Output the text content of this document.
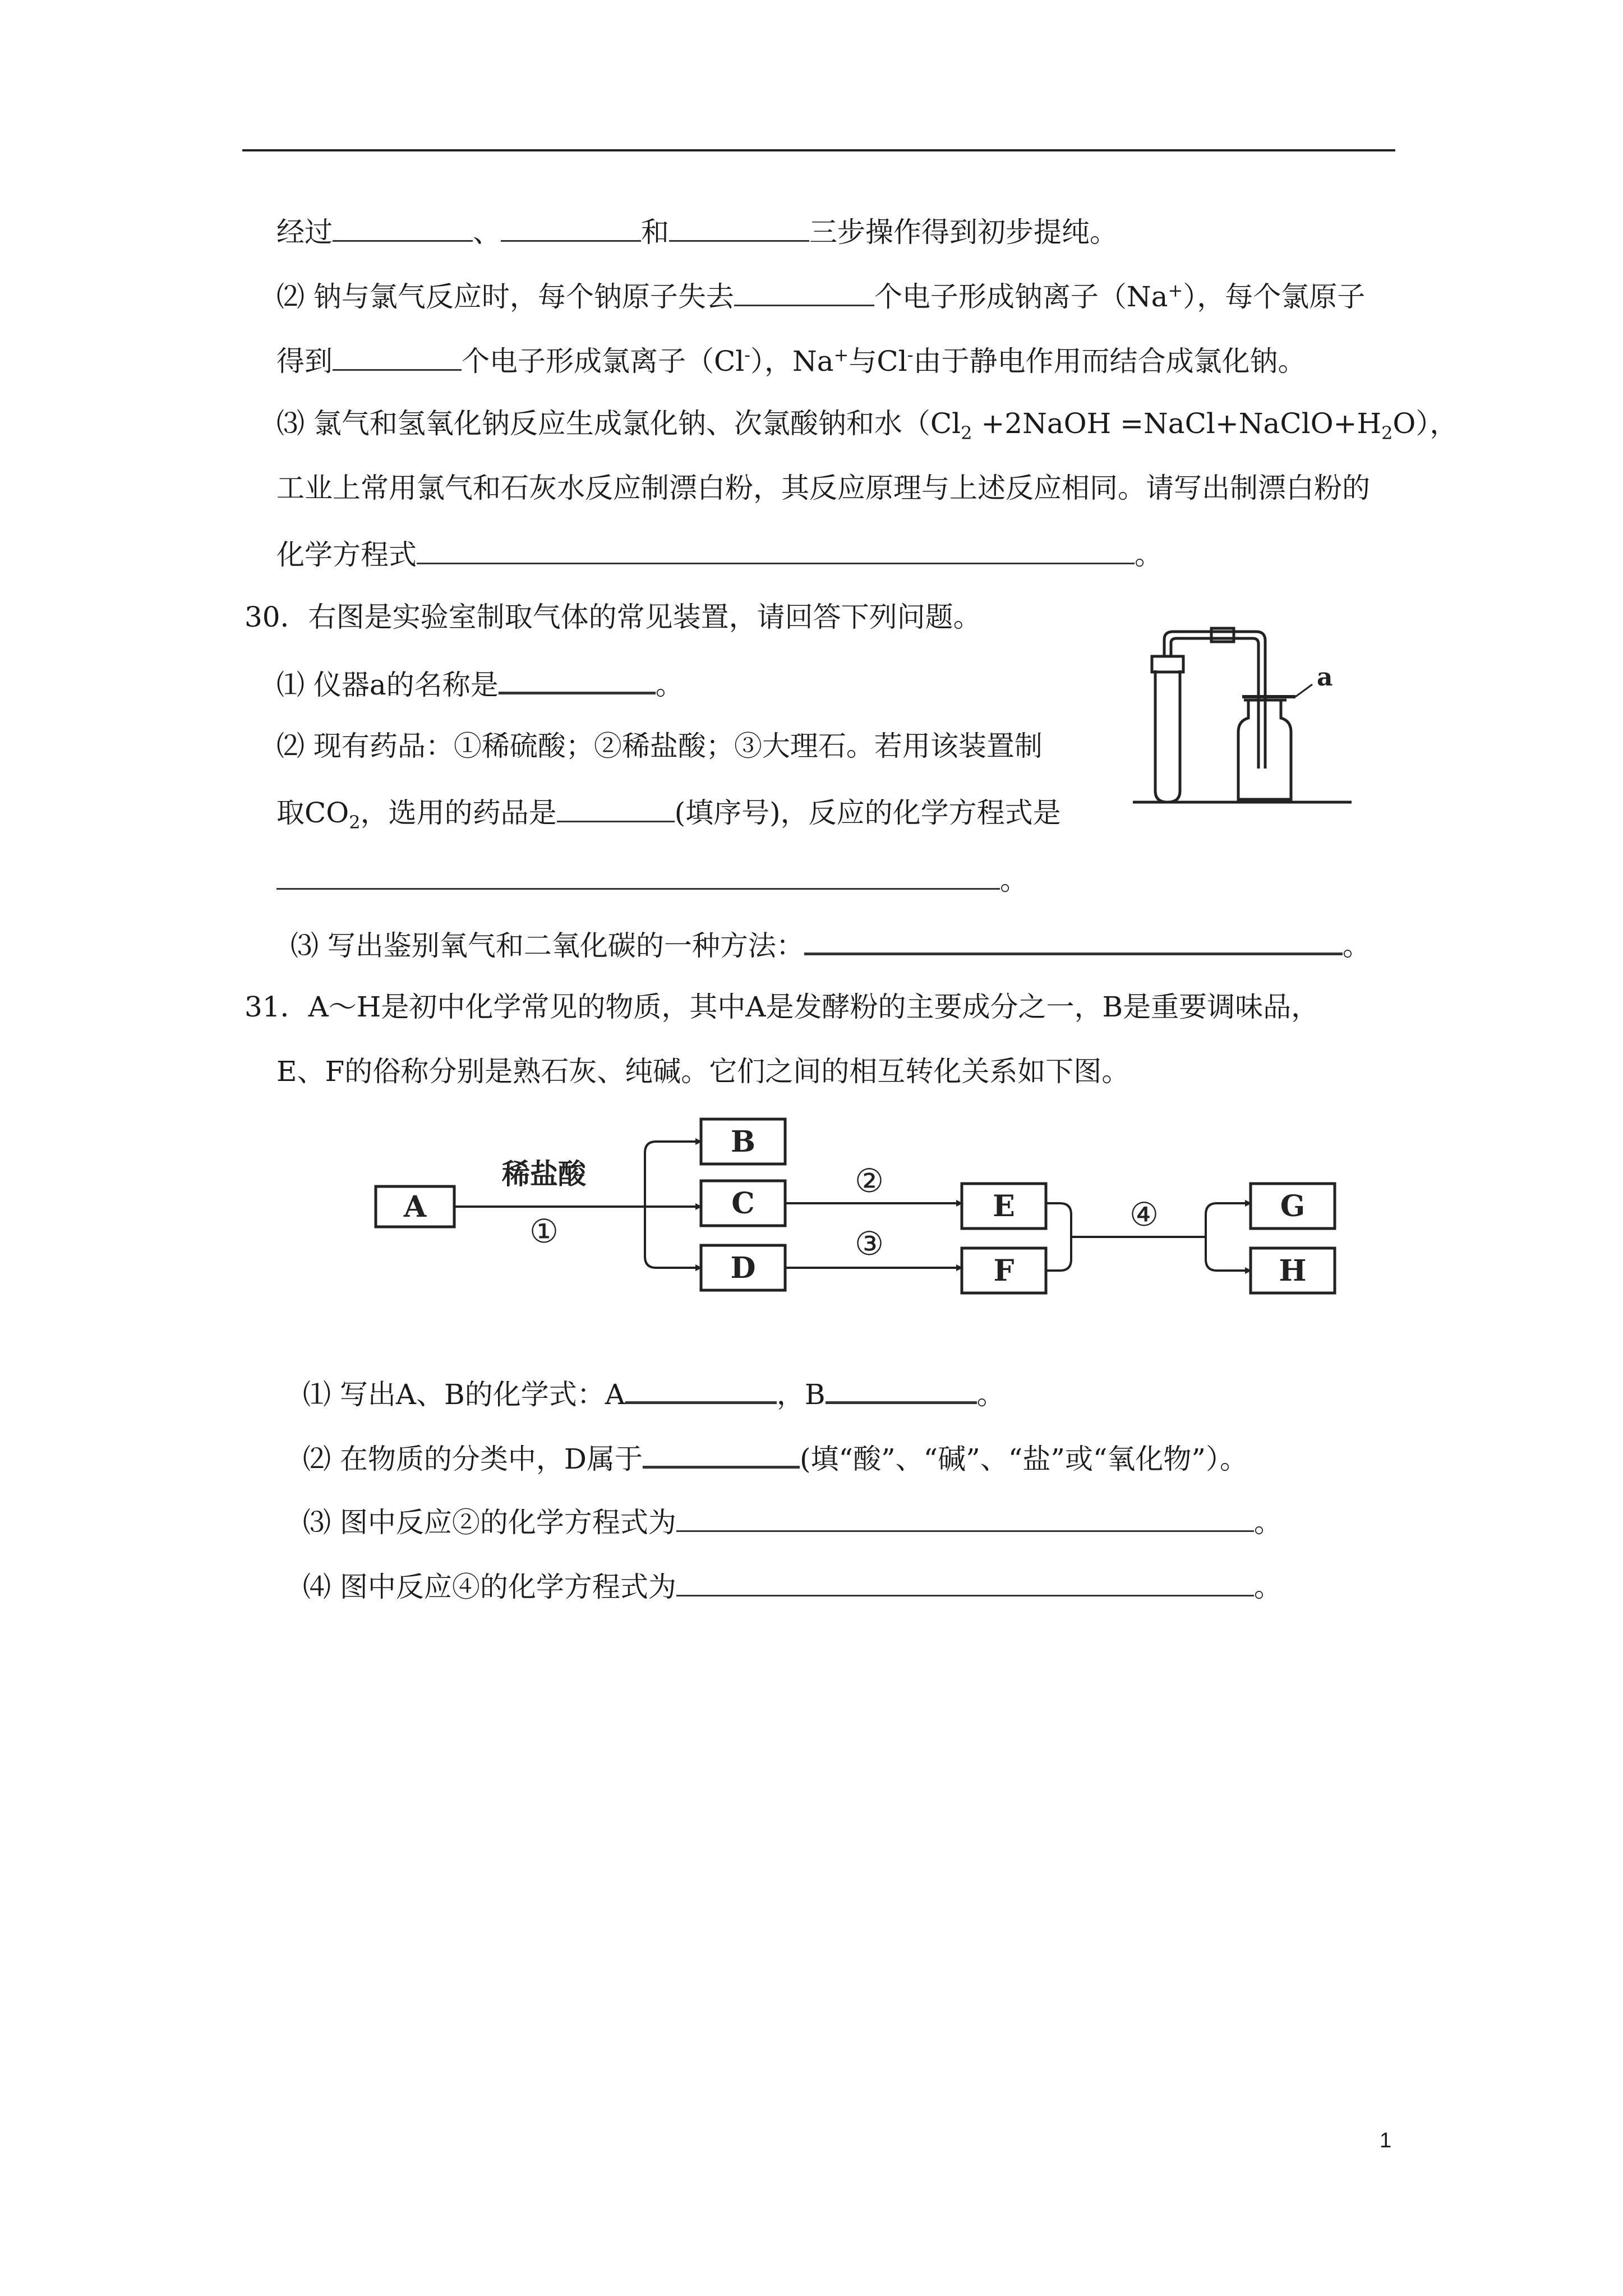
经过	、	和	三步操作得到初步提纯。
⑵ 钠与氯气反应时，每个钠原子失去	个电子形成钠离子（Na+），每个氯原子
得到	个电子形成氯离子（Cl-），Na+与Cl-由于静电作用而结合成氯化钠。
⑶ 氯气和氢氧化钠反应生成氯化钠、次氯酸钠和水（$Cl_2$ +2NaOH $=NaCl+NaClO+H_2O$），
工业上常用氯气和石灰水反应制漂白粉，其反应原理与上述反应相同。请写出制漂白粉的
化学方程式	。
30．右图是实验室制取气体的常见装置，请回答下列问题。
⑴ 仪器a的名称是	。
⑵ 现有药品：①稀硫酸；②稀盐酸；③大理石。若用该装置制
取$CO_2$，选用的药品是	(填序号)，反应的化学方程式是
。
⑶ 写出鉴别氧气和二氧化碳的一种方法：	。
a
31．A～H是初中化学常见的物质，其中A是发酵粉的主要成分之一，B是重要调味品，
E、F的俗称分别是熟石灰、纯碱。它们之间的相互转化关系如下图。
稀盐酸
①
②
③
④
A
B
C
D
E
F
G
H
⑴ 写出A、B的化学式：A	，B	。
⑵ 在物质的分类中，D属于	(填“酸”、“碱”、“盐”或“氧化物”）。
⑶ 图中反应②的化学方程式为	。
⑷ 图中反应④的化学方程式为	。
1
